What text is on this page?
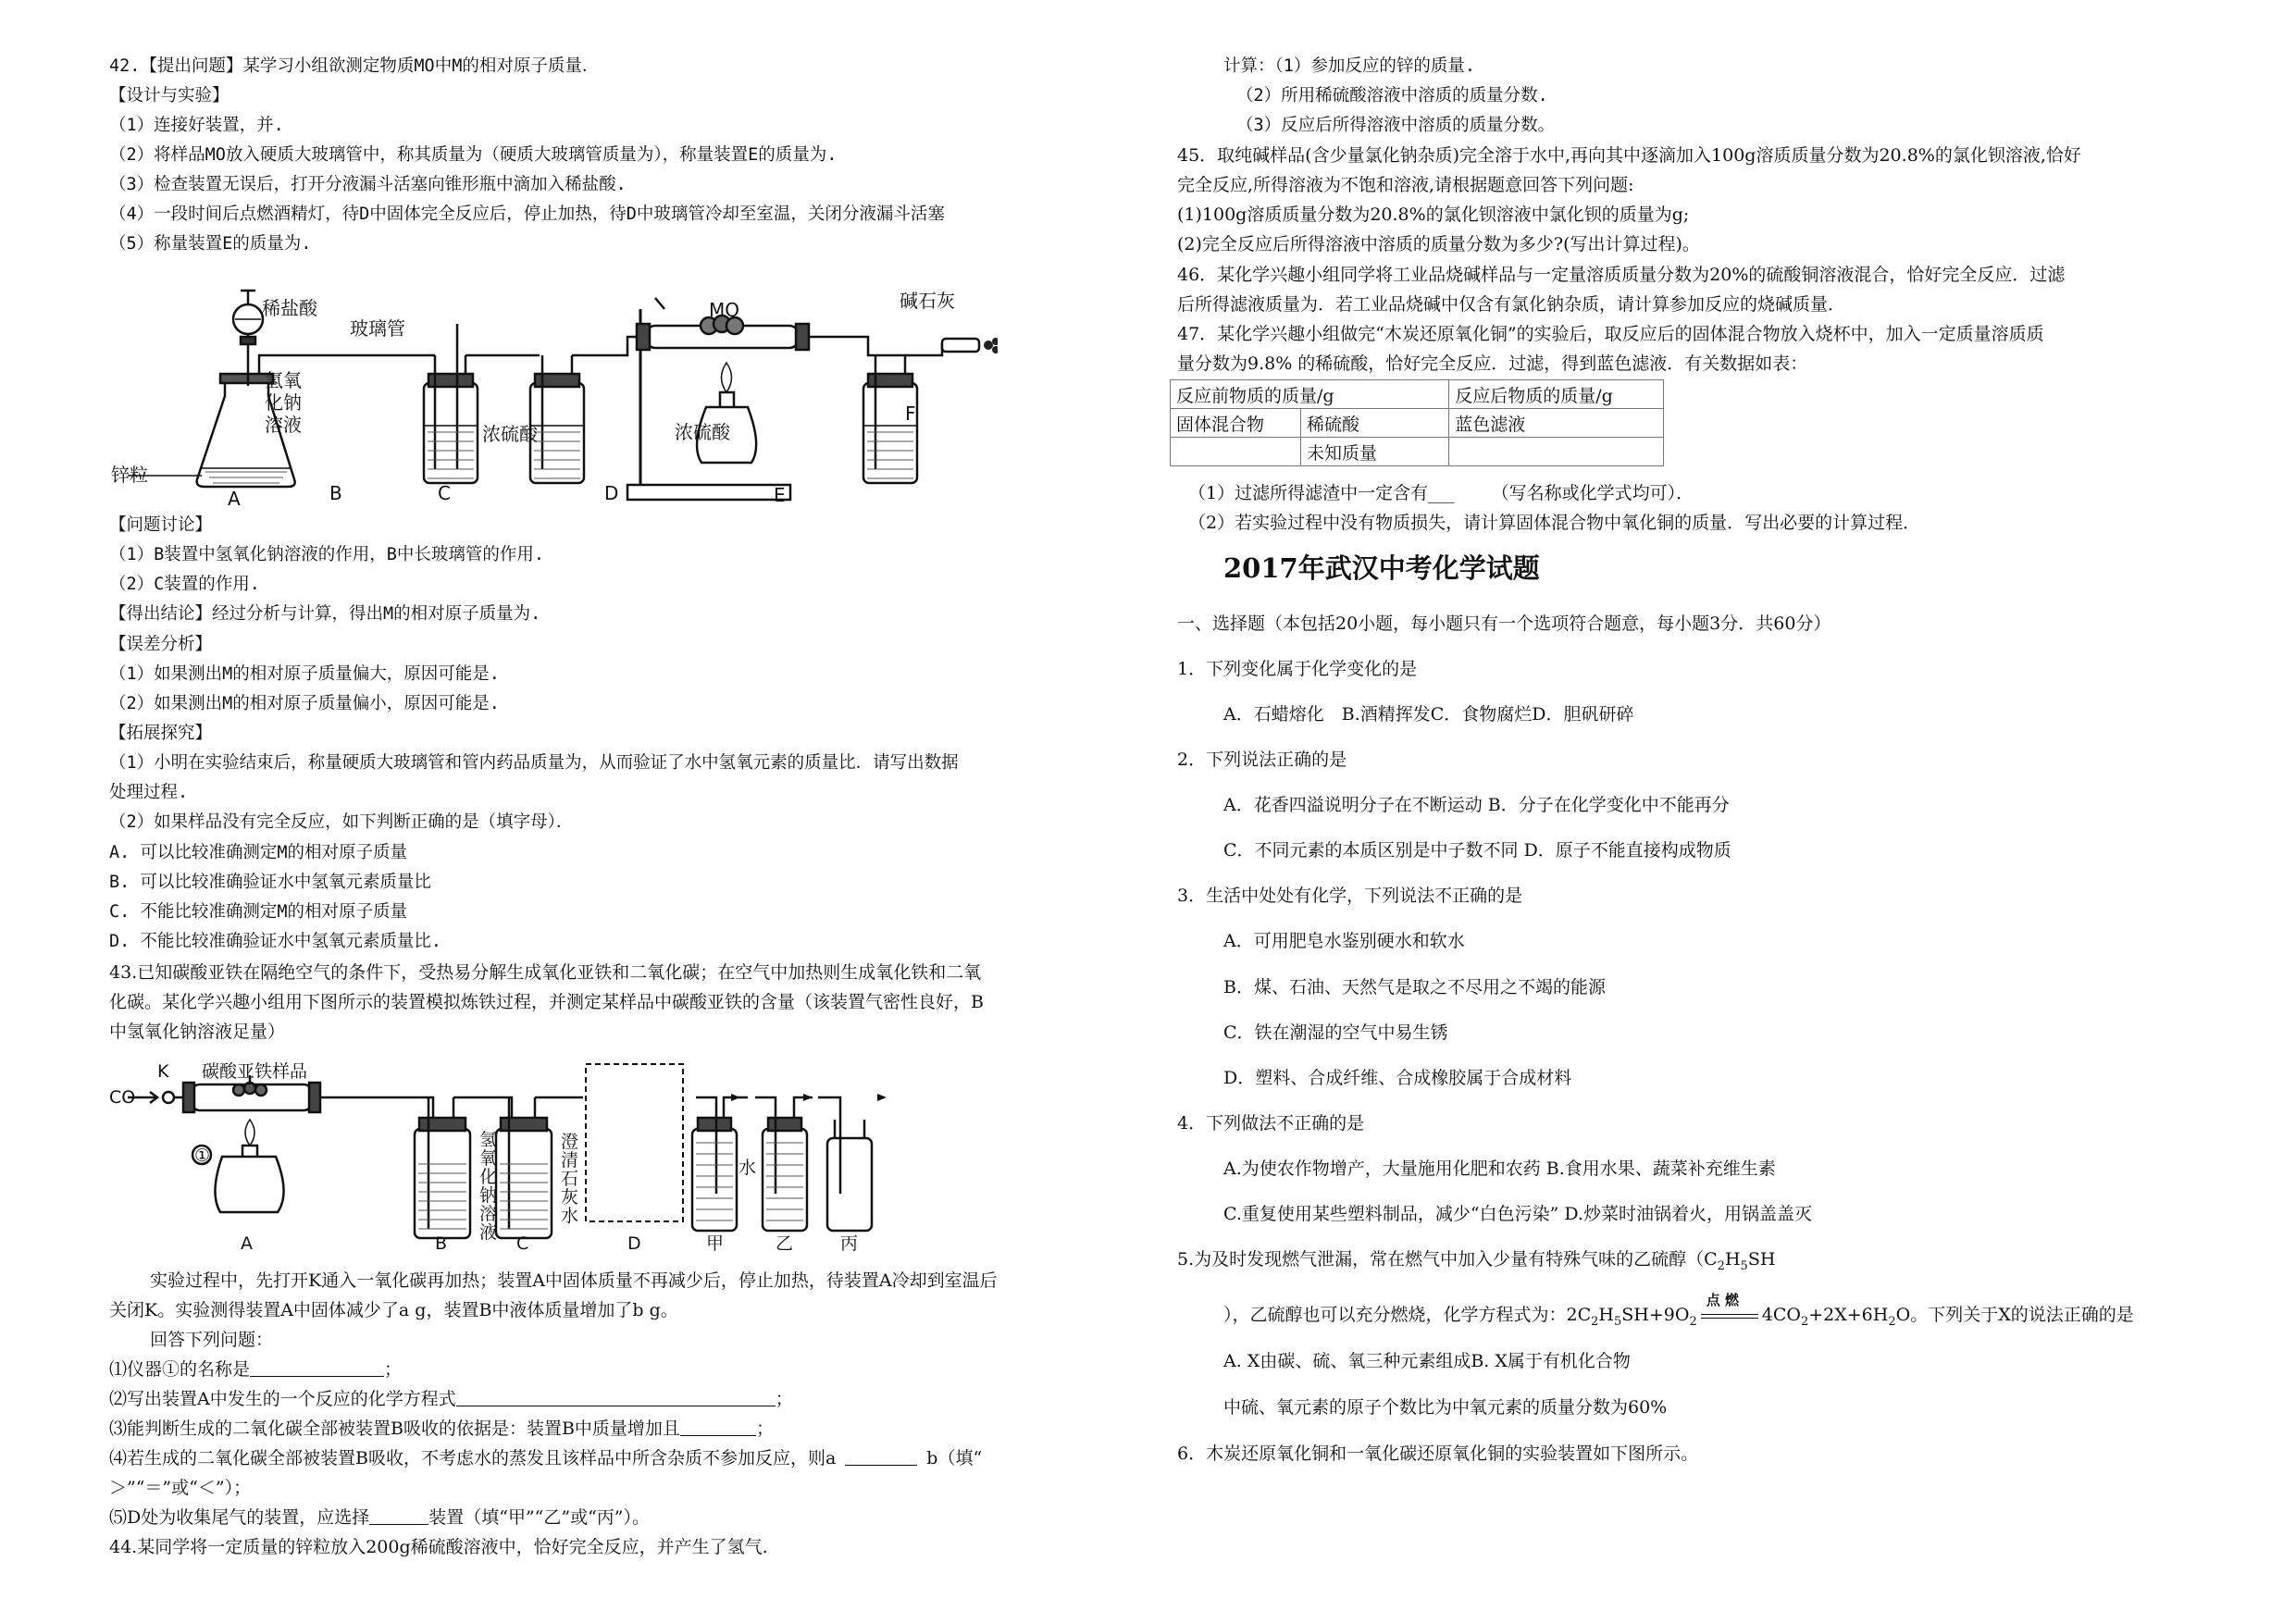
42.【提出问题】某学习小组欲测定物质MO中M的相对原子质量．
【设计与实验】
（1）连接好装置，并.
（2）将样品MO放入硬质大玻璃管中，称其质量为（硬质大玻璃管质量为），称量装置E的质量为.
（3）检查装置无误后，打开分液漏斗活塞向锥形瓶中滴加入稀盐酸.
（4）一段时间后点燃酒精灯，待D中固体完全反应后，停止加热，待D中玻璃管冷却至室温，关闭分液漏斗活塞
（5）称量装置E的质量为.
稀盐酸
玻璃管
MO	碱石灰
氢氧
化钠
溶液	浓硫酸	浓硫酸
锌粒
A	B	C	D	E
F
【问题讨论】
（1）B装置中氢氧化钠溶液的作用，B中长玻璃管的作用.
（2）C装置的作用.
【得出结论】经过分析与计算，得出M的相对原子质量为.
【误差分析】
（1）如果测出M的相对原子质量偏大，原因可能是.
（2）如果测出M的相对原子质量偏小，原因可能是.
【拓展探究】
（1）小明在实验结束后，称量硬质大玻璃管和管内药品质量为，从而验证了水中氢氧元素的质量比．请写出数据
处理过程.
（2）如果样品没有完全反应，如下判断正确的是（填字母）．
A. 可以比较准确测定M的相对原子质量
B. 可以比较准确验证水中氢氧元素质量比
C. 不能比较准确测定M的相对原子质量
D. 不能比较准确验证水中氢氧元素质量比.
43.已知碳酸亚铁在隔绝空气的条件下，受热易分解生成氧化亚铁和二氧化碳；在空气中加热则生成氧化铁和二氧
化碳。某化学兴趣小组用下图所示的装置模拟炼铁过程，并测定某样品中碳酸亚铁的含量（该装置气密性良好，B
中氢氧化钠溶液足量）
CO
K 碳酸亚铁样品
①
氢
氧
化
钠
溶
液
澄
清
石
灰
水
水
A	B	C	D	甲	乙	丙
实验过程中，先打开K通入一氧化碳再加热；装置A中固体质量不再减少后，停止加热，待装置A冷却到室温后
关闭K。实验测得装置A中固体减少了a g，装置B中液体质量增加了b g。
回答下列问题：
⑴仪器①的名称是	；
⑵写出装置A中发生的一个反应的化学方程式	；
⑶能判断生成的二氧化碳全部被装置B吸收的依据是：装置B中质量增加且	；
⑷若生成的二氧化碳全部被装置B吸收，不考虑水的蒸发且该样品中所含杂质不参加反应，则a	b（填“
＞”“＝”或“＜”）；
⑸D处为收集尾气的装置，应选择	装置（填“甲”“乙”或“丙”）。
44.某同学将一定质量的锌粒放入200g稀硫酸溶液中，恰好完全反应，并产生了氢气.
计算：（1）参加反应的锌的质量.
（2）所用稀硫酸溶液中溶质的质量分数.
（3）反应后所得溶液中溶质的质量分数。
45．取纯碱样品(含少量氯化钠杂质)完全溶于水中,再向其中逐滴加入100g溶质质量分数为20.8%的氯化钡溶液,恰好
完全反应,所得溶液为不饱和溶液,请根据题意回答下列问题:
(1)100g溶质质量分数为20.8%的氯化钡溶液中氯化钡的质量为g;
(2)完全反应后所得溶液中溶质的质量分数为多少?(写出计算过程)。
46．某化学兴趣小组同学将工业品烧碱样品与一定量溶质质量分数为20%的硫酸铜溶液混合，恰好完全反应．过滤
后所得滤液质量为．若工业品烧碱中仅含有氯化钠杂质，请计算参加反应的烧碱质量．
47．某化学兴趣小组做完“木炭还原氧化铜”的实验后，取反应后的固体混合物放入烧杯中，加入一定质量溶质质
量分数为9.8% 的稀硫酸，恰好完全反应．过滤，得到蓝色滤液．有关数据如表：
反应前物质的质量/g		反应后物质的质量/g
固体混合物	稀硫酸	蓝色滤液
	未知质量	
（1）过滤所得滤渣中一定含有___ （写名称或化学式均可）．
（2）若实验过程中没有物质损失，请计算固体混合物中氧化铜的质量．写出必要的计算过程．
2017年武汉中考化学试题
一、选择题（本包括20小题，每小题只有一个选项符合题意，每小题3分．共60分）
1．下列变化属于化学变化的是
A．石蜡熔化　B.酒精挥发C．食物腐烂D．胆矾研碎
2．下列说法正确的是
A．花香四溢说明分子在不断运动 B．分子在化学变化中不能再分
C．不同元素的本质区别是中子数不同 D．原子不能直接构成物质
3．生活中处处有化学，下列说法不正确的是
A．可用肥皂水鉴别硬水和软水
B．煤、石油、天然气是取之不尽用之不竭的能源
C．铁在潮湿的空气中易生锈
D．塑料、合成纤维、合成橡胶属于合成材料
4．下列做法不正确的是
A.为使农作物增产，大量施用化肥和农药 B.食用水果、蔬菜补充维生素
C.重复使用某些塑料制品，减少“白色污染” D.炒菜时油锅着火，用锅盖盖灭
5.为及时发现燃气泄漏，常在燃气中加入少量有特殊气味的乙硫醇（$C_2H_5SH$
），乙硫醇也可以充分燃烧，化学方程式为：$2C_2H_5SH+9O_2$
点 燃
$4CO_2+2X+6H_2O$。下列关于X的说法正确的是
A. X由碳、硫、氧三种元素组成B. X属于有机化合物
中硫、氧元素的原子个数比为中氧元素的质量分数为60%
6．木炭还原氧化铜和一氧化碳还原氧化铜的实验装置如下图所示。
